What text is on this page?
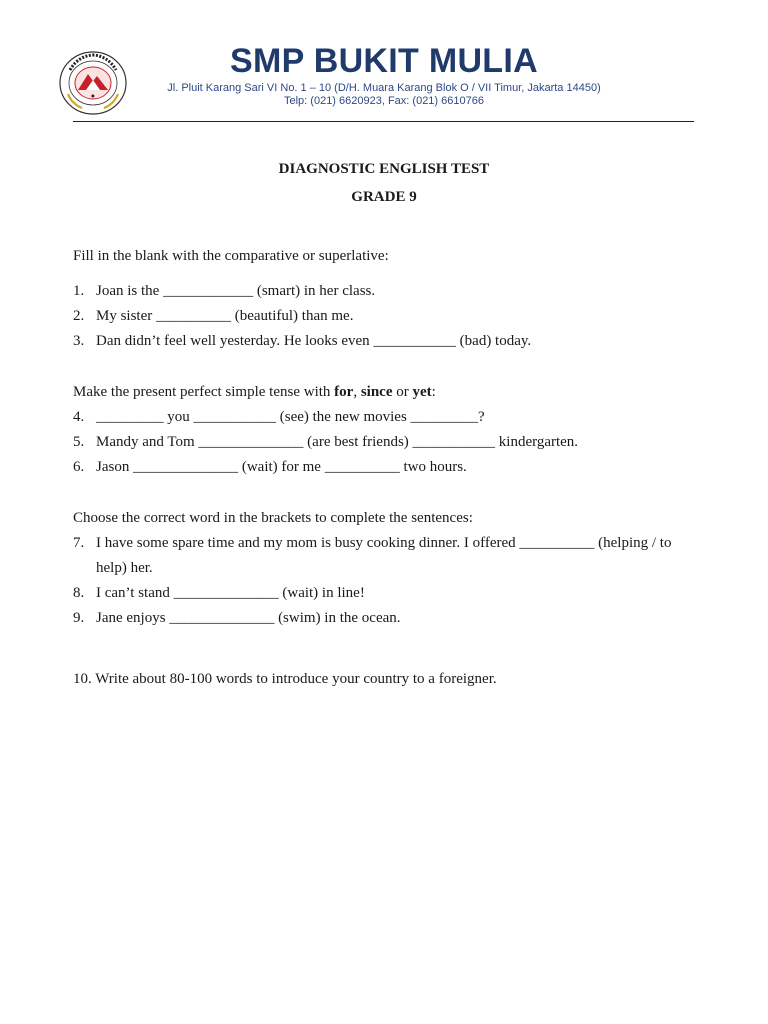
●
SMP BUKIT MULIA
Jl. Pluit Karang Sari VI No. 1 – 10 (D/H. Muara Karang Blok O / VII Timur, Jakarta 14450)
Telp: (021) 6620923, Fax: (021) 6610766
DIAGNOSTIC ENGLISH TEST
GRADE 9

Fill in the blank with the comparative or superlative:

1. Joan is the ____________ (smart) in her class.
2. My sister __________ (beautiful) than me.
3. Dan didn’t feel well yesterday. He looks even ___________ (bad) today.

Make the present perfect simple tense with for, since or yet:

4. _________ you ___________ (see) the new movies _________?
5. Mandy and Tom ______________ (are best friends) ___________ kindergarten.
6. Jason ______________ (wait) for me __________ two hours.

Choose the correct word in the brackets to complete the sentences:

7. I have some spare time and my mom is busy cooking dinner. I offered __________ (helping / to help) her.
8. I can’t stand ______________ (wait) in line!
9. Jane enjoys ______________ (swim) in the ocean.
10. Write about 80-100 words to introduce your country to a foreigner.
